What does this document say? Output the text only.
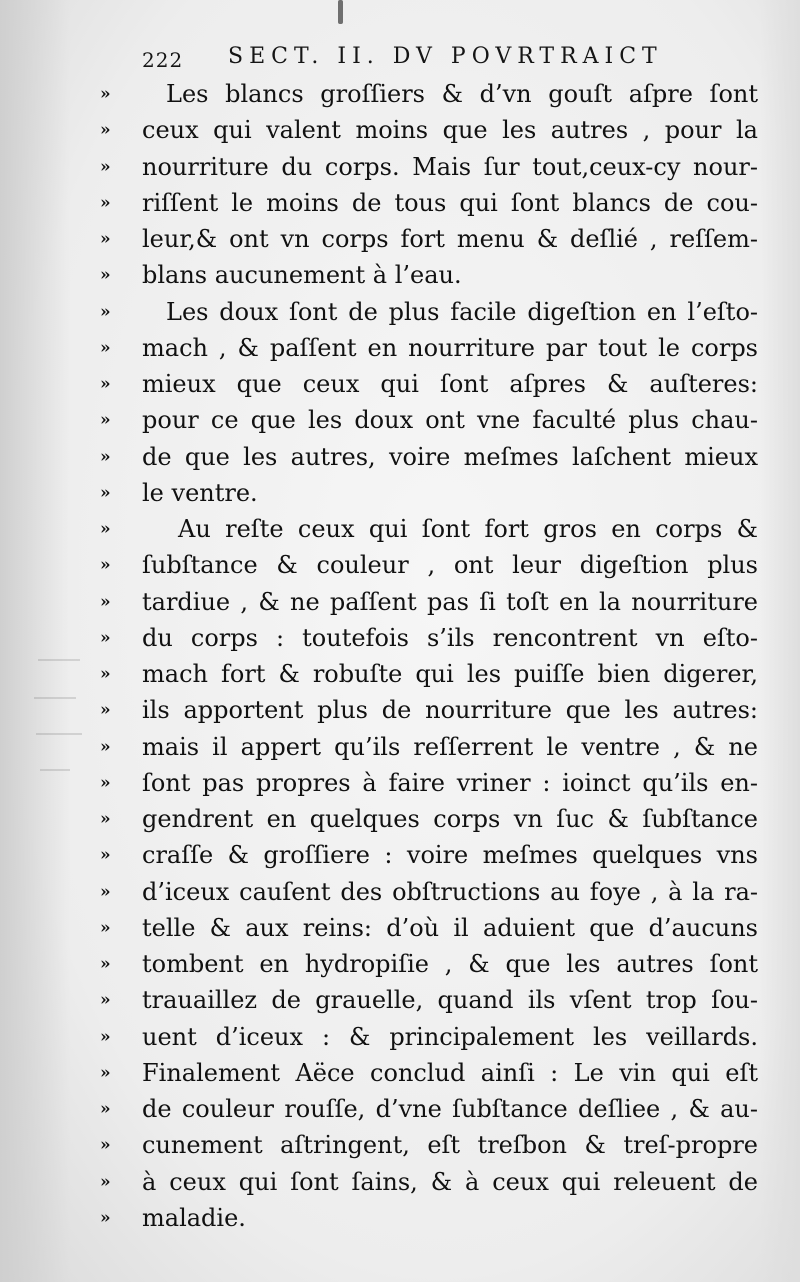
222 SECT. II. DV POVRTRAICT
»	Les blancs groſſiers & d’vn gouſt aſpre ſont
»	ceux qui valent moins que les autres , pour la
»	nourriture du corps. Mais ſur tout,ceux-cy nour-
»	riſſent le moins de tous qui ſont blancs de cou-
»	leur,& ont vn corps fort menu & deſlié , reſſem-
»	blans aucunement à l’eau.
»	Les doux ſont de plus facile digeſtion en l’eſto-
»	mach , & paſſent en nourriture par tout le corps
»	mieux que ceux qui ſont aſpres & auſteres:
»	pour ce que les doux ont vne faculté plus chau-
»	de que les autres, voire meſmes laſchent mieux
»	le ventre.
»	Au reſte ceux qui ſont fort gros en corps &
»	ſubſtance & couleur , ont leur digeſtion plus
»	tardiue , & ne paſſent pas ſi toſt en la nourriture
»	du corps : toutefois s’ils rencontrent vn eſto-
»	mach fort & robuſte qui les puiſſe bien digerer,
»	ils apportent plus de nourriture que les autres:
»	mais il appert qu’ils reſſerrent le ventre , & ne
»	ſont pas propres à faire vriner : ioinct qu’ils en-
»	gendrent en quelques corps vn ſuc & ſubſtance
»	craſſe & groſſiere : voire meſmes quelques vns
»	d’iceux cauſent des obſtructions au foye , à la ra-
»	telle & aux reins: d’où il aduient que d’aucuns
»	tombent en hydropiſie , & que les autres ſont
»	trauaillez de grauelle, quand ils vſent trop ſou-
»	uent d’iceux : & principalement les veillards.
»	Finalement Aëce conclud ainſi : Le vin qui eſt
»	de couleur rouſſe, d’vne ſubſtance deſliee , & au-
»	cunement aſtringent, eſt treſbon & treſ-propre
»	à ceux qui ſont ſains, & à ceux qui releuent de
»	maladie.
